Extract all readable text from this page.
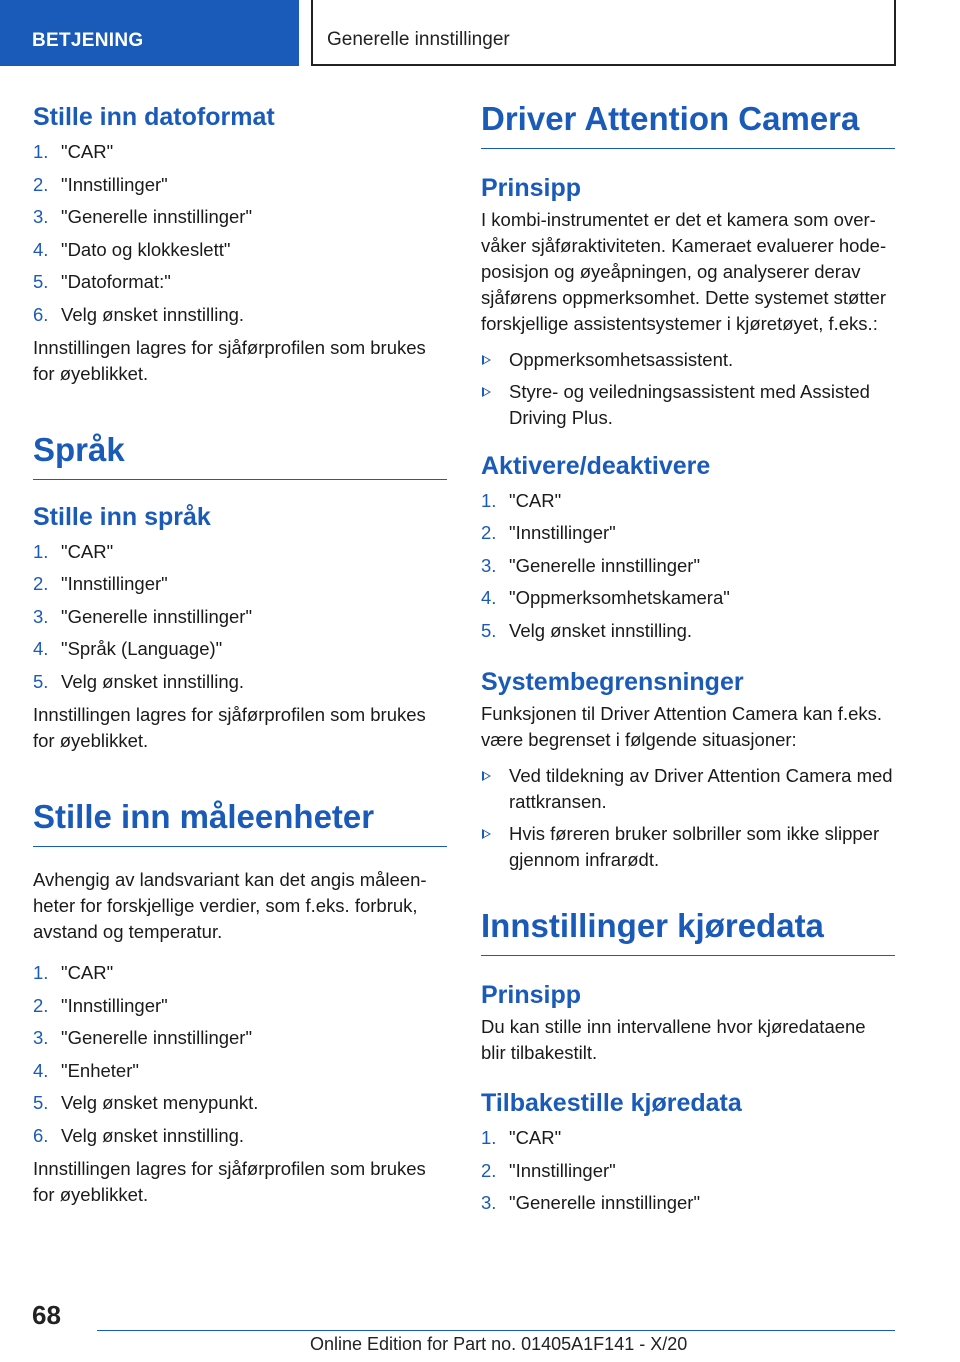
BETJENING	Generelle innstillinger
Stille inn datoformat
1. "CAR"
2. "Innstillinger"
3. "Generelle innstillinger"
4. "Dato og klokkeslett"
5. "Datoformat:"
6. Velg ønsket innstilling.

Innstillingen lagres for sjåførprofilen som brukes for øyeblikket.

Språk
Stille inn språk
1. "CAR"
2. "Innstillinger"
3. "Generelle innstillinger"
4. "Språk (Language)"
5. Velg ønsket innstilling.

Innstillingen lagres for sjåførprofilen som brukes for øyeblikket.

Stille inn måleenheter

Avhengig av landsvariant kan det angis måleenheter for forskjellige verdier, som f.eks. forbruk, avstand og temperatur.

1. "CAR"
2. "Innstillinger"
3. "Generelle innstillinger"
4. "Enheter"
5. Velg ønsket menypunkt.
6. Velg ønsket innstilling.

Innstillingen lagres for sjåførprofilen som brukes for øyeblikket.

Driver Attention Camera
Prinsipp

I kombi-instrumentet er det et kamera som overvåker sjåføraktiviteten. Kameraet evaluerer hodeposisjon og øyeåpningen, og analyserer derav sjåførens oppmerksomhet. Dette systemet støtter forskjellige assistentsystemer i kjøretøyet, f.eks.:

Oppmerksomhetsassistent.
Styre- og veiledningsassistent med Assisted Driving Plus.
Aktivere/deaktivere
1. "CAR"
2. "Innstillinger"
3. "Generelle innstillinger"
4. "Oppmerksomhetskamera"
5. Velg ønsket innstilling.
Systembegrensninger

Funksjonen til Driver Attention Camera kan f.eks. være begrenset i følgende situasjoner:

Ved tildekning av Driver Attention Camera med rattkransen.
Hvis føreren bruker solbriller som ikke slipper gjennom infrarødt.
Innstillinger kjøredata
Prinsipp

Du kan stille inn intervallene hvor kjøredataene blir tilbakestilt.

Tilbakestille kjøredata
1. "CAR"
2. "Innstillinger"
3. "Generelle innstillinger"
68
Online Edition for Part no. 01405A1F141 - X/20
